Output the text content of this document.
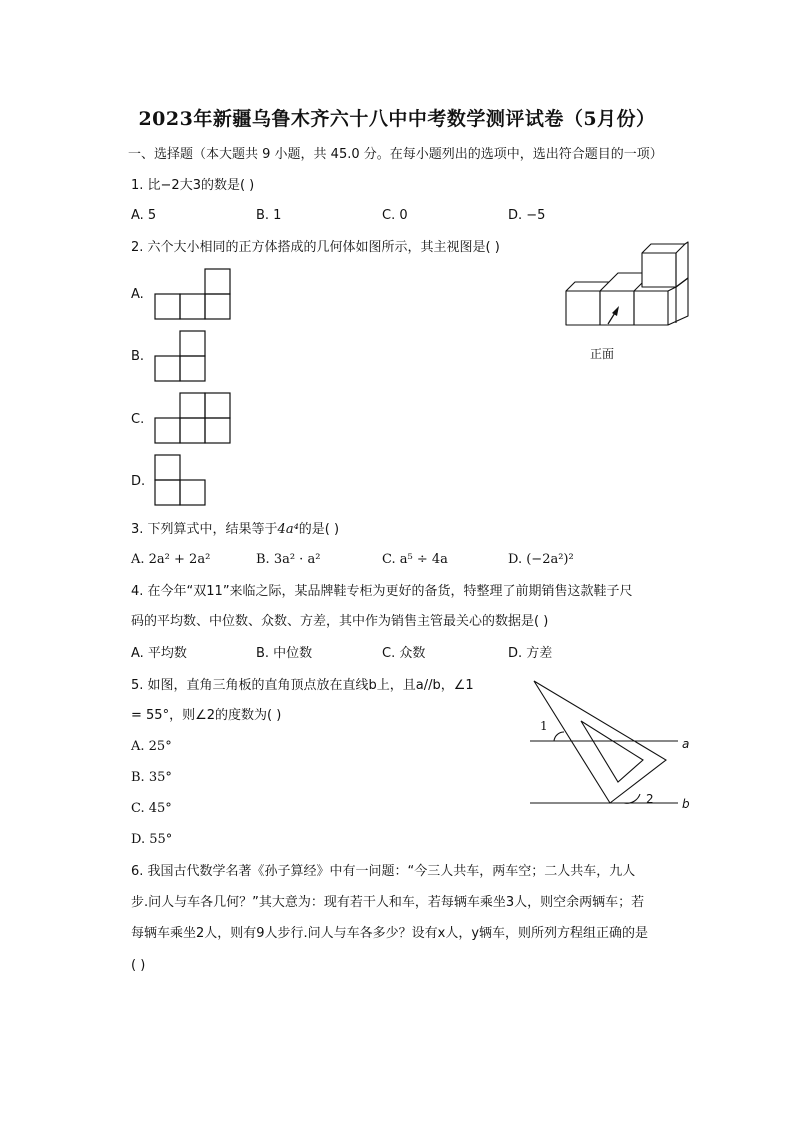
2023年新疆乌鲁木齐六十八中中考数学测评试卷（5月份）
一、选择题（本大题共 9 小题，共 45.0 分。在每小题列出的选项中，选出符合题目的一项）
1. 比−2大3的数是( )
A. 5	B. 1	C. 0	D. −5
2. 六个大小相同的正方体搭成的几何体如图所示，其主视图是( )
A.
B.
C.
D.
正面
3. 下列算式中，结果等于4a⁴的是( )
A. 2a² + 2a²	B. 3a² · a²	C. a⁵ ÷ 4a	D. (−2a²)²
4. 在今年“双11”来临之际，某品牌鞋专柜为更好的备货，特整理了前期销售这款鞋子尺
码的平均数、中位数、众数、方差，其中作为销售主管最关心的数据是( )
A. 平均数	B. 中位数	C. 众数	D. 方差
5. 如图，直角三角板的直角顶点放在直线b上，且a//b，∠1
= 55°，则∠2的度数为( )
A. 25°
B. 35°
C. 45°
D. 55°
1
2
a
b
6. 我国古代数学名著《孙子算经》中有一问题：“今三人共车，两车空；二人共车，九人
步.问人与车各几何？”其大意为：现有若干人和车，若每辆车乘坐3人，则空余两辆车；若
每辆车乘坐2人，则有9人步行.问人与车各多少？设有x人，y辆车，则所列方程组正确的是
( )
